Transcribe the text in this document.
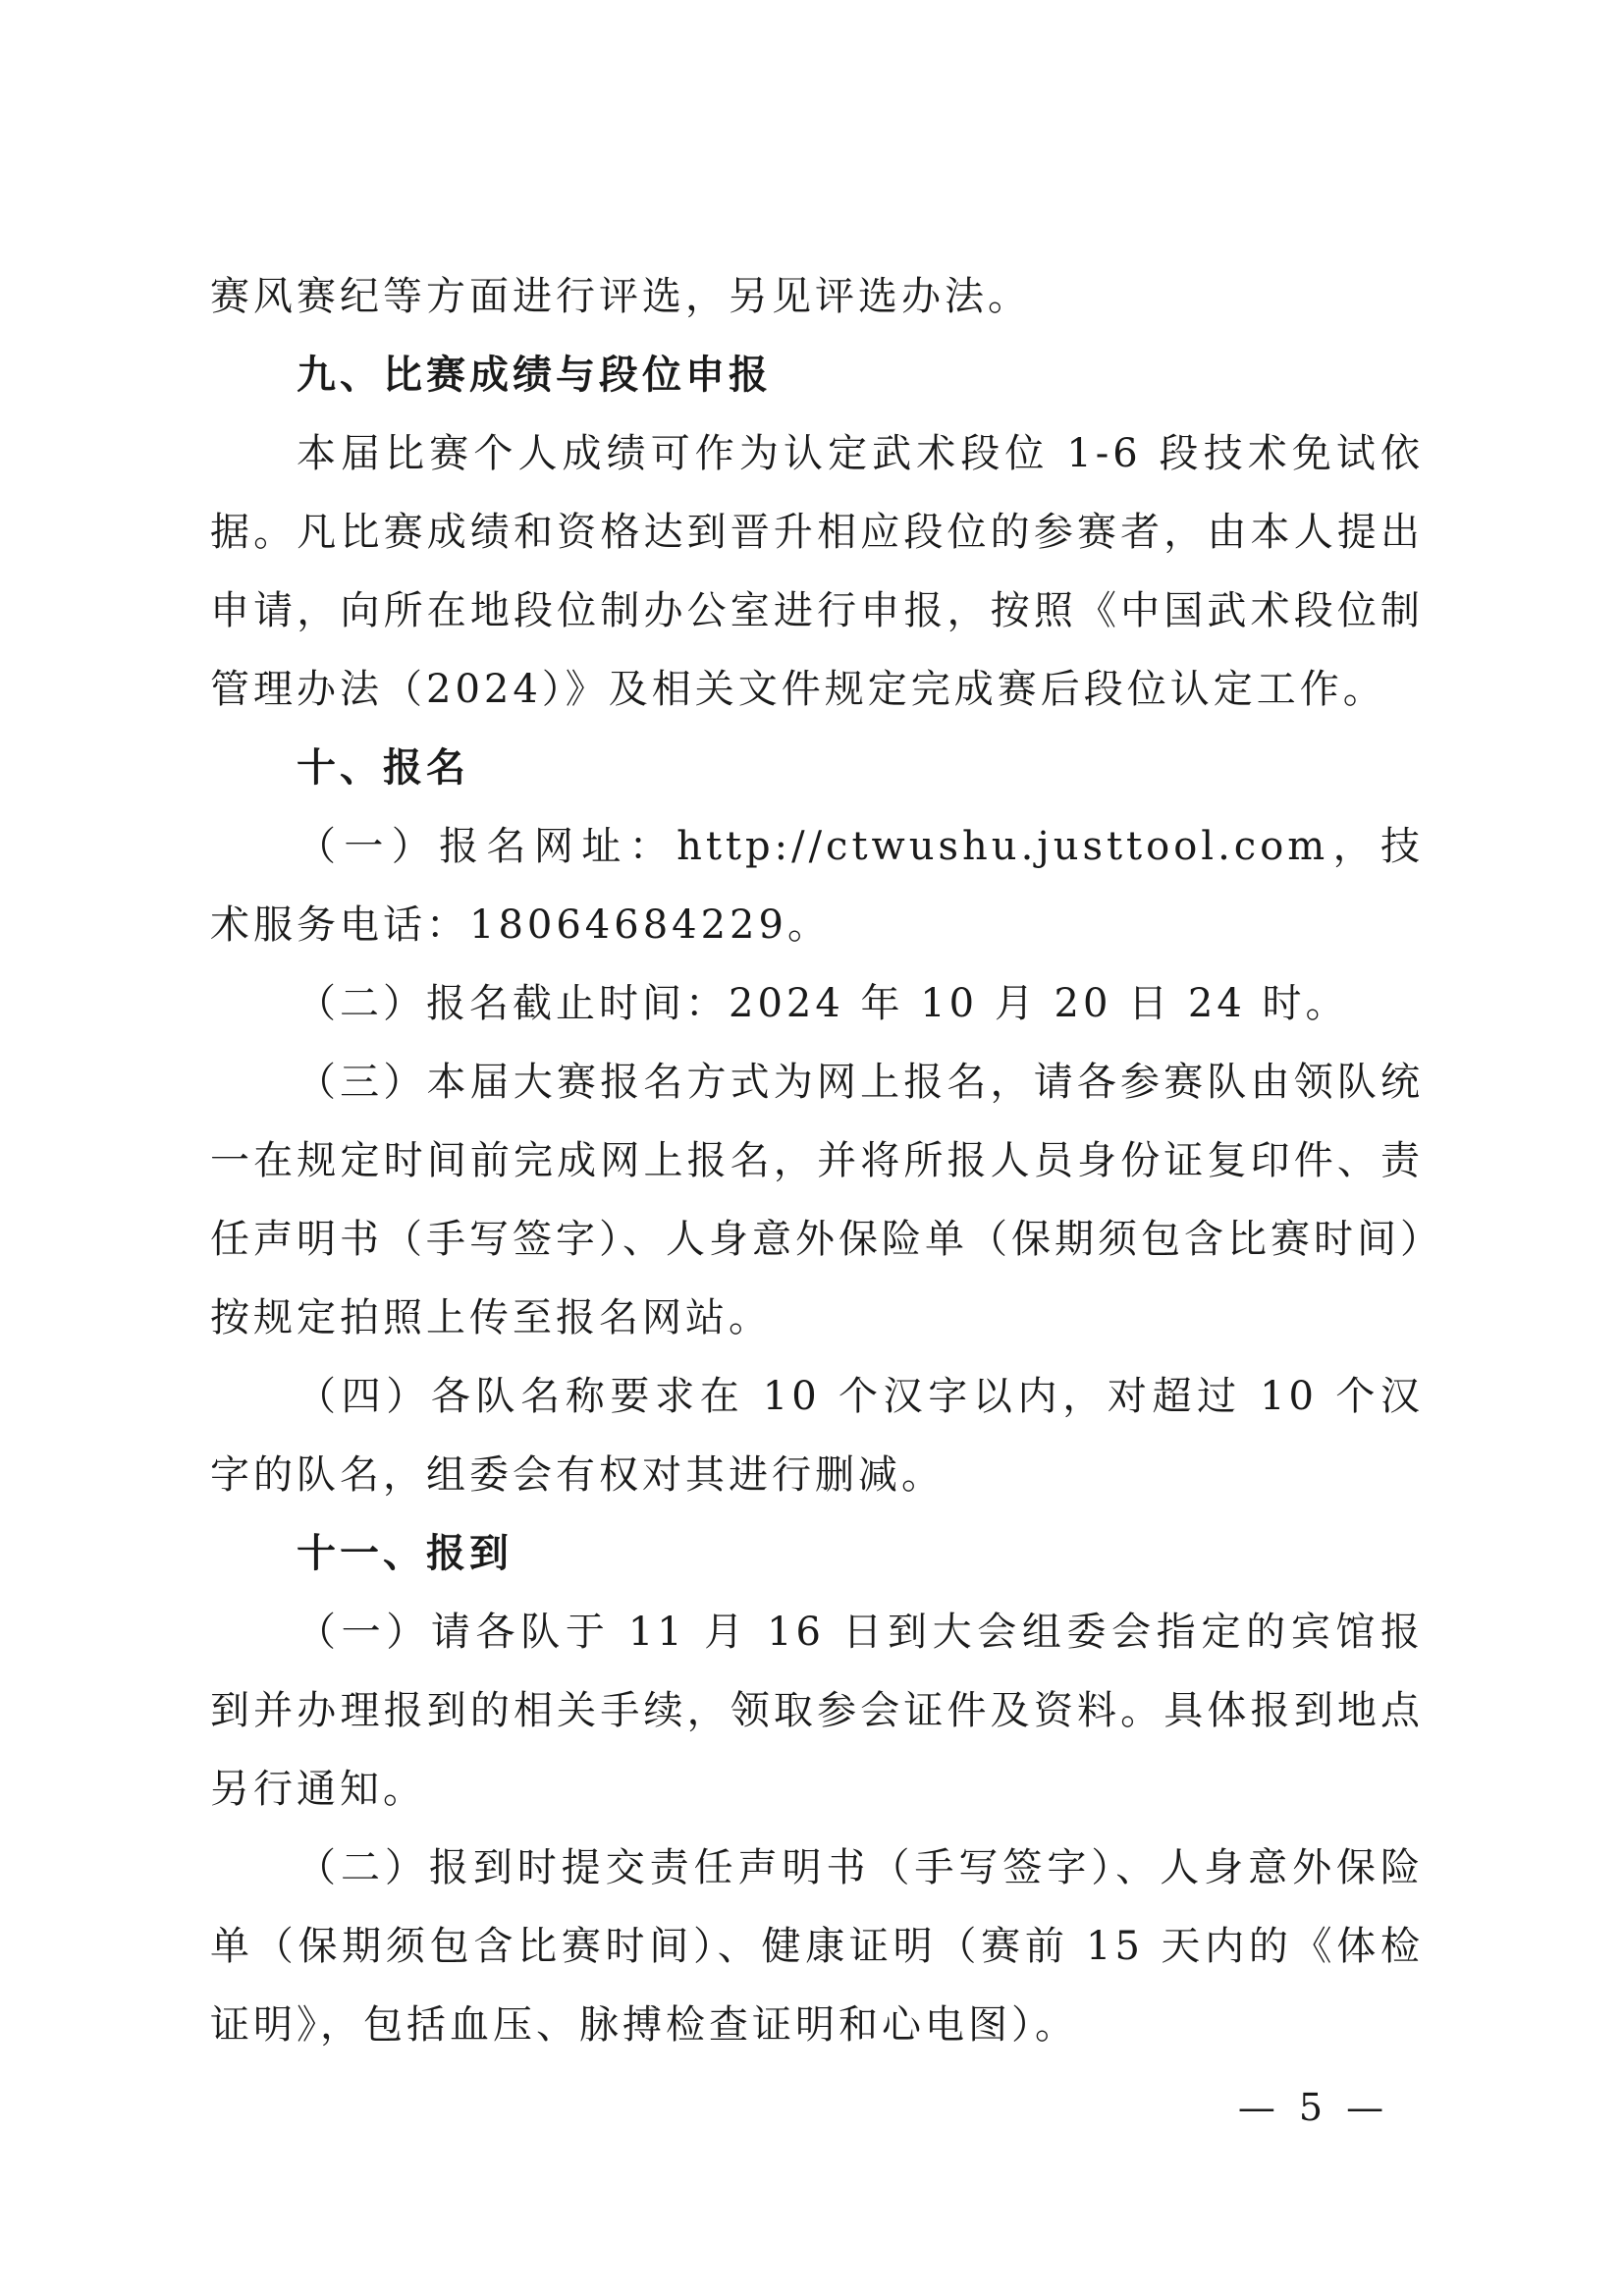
赛风赛纪等方面进行评选，另见评选办法。

九、比赛成绩与段位申报

本届比赛个人成绩可作为认定武术段位 1-6 段技术免试依据。凡比赛成绩和资格达到晋升相应段位的参赛者，由本人提出申请，向所在地段位制办公室进行申报，按照《中国武术段位制管理办法（2024）》及相关文件规定完成赛后段位认定工作。

十、报名

（一）报名网址：http://ctwushu.justtool.com，技术服务电话：18064684229。

（二）报名截止时间：2024 年 10 月 20 日 24 时。

（三）本届大赛报名方式为网上报名，请各参赛队由领队统一在规定时间前完成网上报名，并将所报人员身份证复印件、责任声明书（手写签字）、人身意外保险单（保期须包含比赛时间）按规定拍照上传至报名网站。

（四）各队名称要求在 10 个汉字以内，对超过 10 个汉字的队名，组委会有权对其进行删减。

十一、报到

（一）请各队于 11 月 16 日到大会组委会指定的宾馆报到并办理报到的相关手续，领取参会证件及资料。具体报到地点另行通知。

（二）报到时提交责任声明书（手写签字）、人身意外保险单（保期须包含比赛时间）、健康证明（赛前 15 天内的《体检证明》，包括血压、脉搏检查证明和心电图）。

— 5 —
